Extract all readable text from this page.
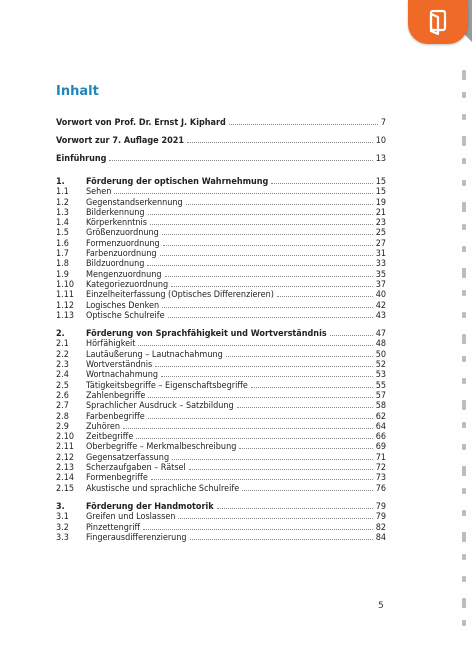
Inhalt
Vorwort von Prof. Dr. Ernst J. Kiphard	7
Vorwort zur 7. Auflage 2021	10
Einführung	13
1.	Förderung der optischen Wahrnehmung	15
1.1	Sehen	15
1.2	Gegenstandserkennung	19
1.3	Bilderkennung	21
1.4	Körperkenntnis	23
1.5	Größenzuordnung	25
1.6	Formenzuordnung	27
1.7	Farbenzuordnung	31
1.8	Bildzuordnung	33
1.9	Mengenzuordnung	35
1.10	Kategoriezuordnung	37
1.11	Einzelheiterfassung (Optisches Differenzieren)	40
1.12	Logisches Denken	42
1.13	Optische Schulreife	43
2.	Förderung von Sprachfähigkeit und Wortverständnis	47
2.1	Hörfähigkeit	48
2.2	Lautäußerung – Lautnachahmung	50
2.3	Wortverständnis	52
2.4	Wortnachahmung	53
2.5	Tätigkeitsbegriffe – Eigenschaftsbegriffe	55
2.6	Zahlenbegriffe	57
2.7	Sprachlicher Ausdruck – Satzbildung	58
2.8	Farbenbegriffe	62
2.9	Zuhören	64
2.10	Zeitbegriffe	66
2.11	Oberbegriffe – Merkmalbeschreibung	69
2.12	Gegensatzerfassung	71
2.13	Scherzaufgaben – Rätsel	72
2.14	Formenbegriffe	73
2.15	Akustische und sprachliche Schulreife	76
3.	Förderung der Handmotorik	79
3.1	Greifen und Loslassen	79
3.2	Pinzettengriff	82
3.3	Fingerausdifferenzierung	84
5
